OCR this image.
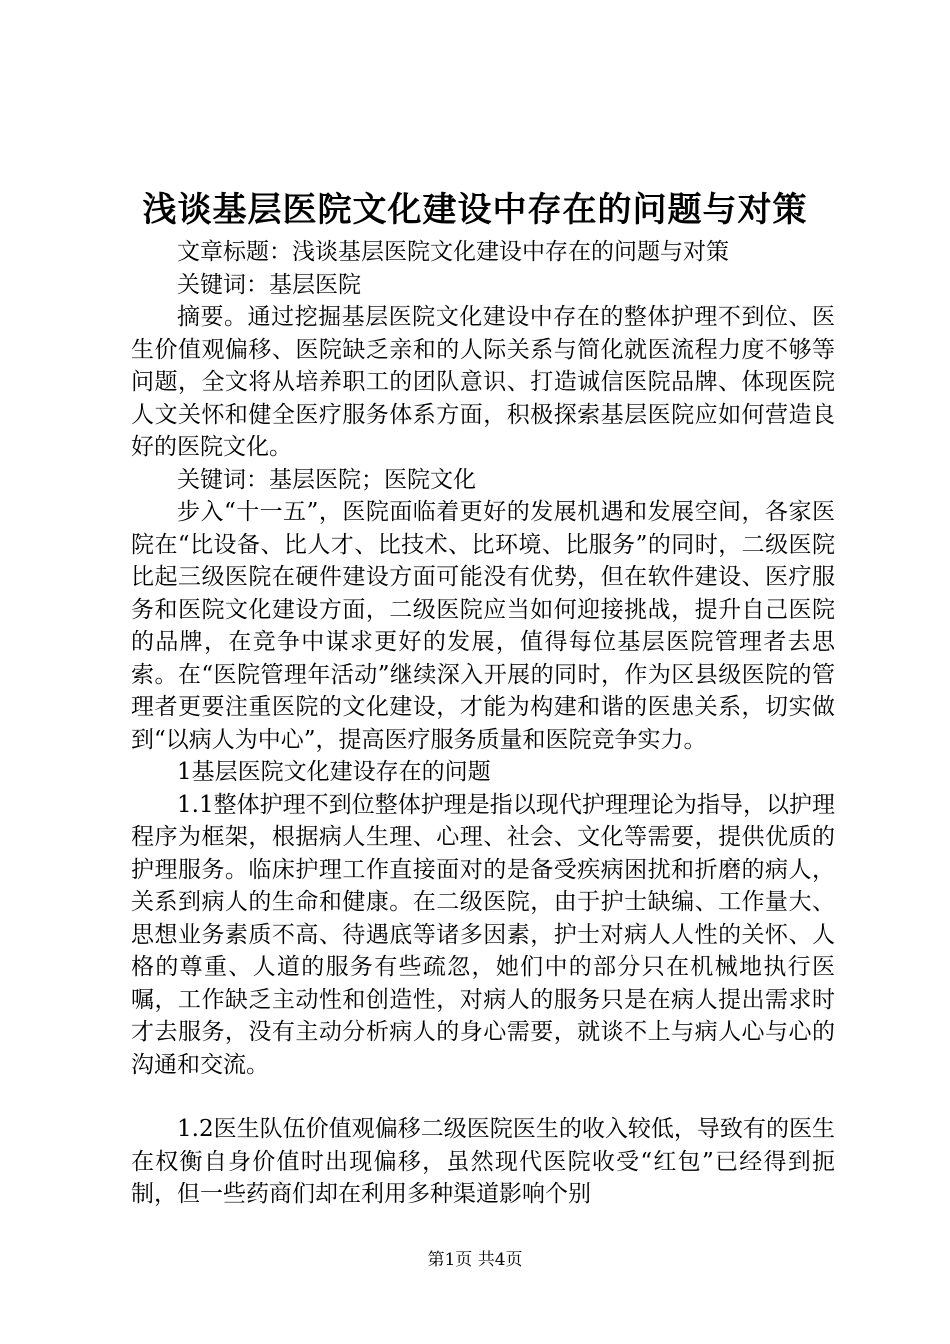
浅谈基层医院文化建设中存在的问题与对策

文章标题：浅谈基层医院文化建设中存在的问题与对策

关键词：基层医院

摘要。通过挖掘基层医院文化建设中存在的整体护理不到位、医生价值观偏移、医院缺乏亲和的人际关系与简化就医流程力度不够等问题，全文将从培养职工的团队意识、打造诚信医院品牌、体现医院人文关怀和健全医疗服务体系方面，积极探索基层医院应如何营造良好的医院文化。

关键词：基层医院；医院文化

步入“十一五”，医院面临着更好的发展机遇和发展空间，各家医院在“比设备、比人才、比技术、比环境、比服务”的同时，二级医院比起三级医院在硬件建设方面可能没有优势，但在软件建设、医疗服务和医院文化建设方面，二级医院应当如何迎接挑战，提升自己医院的品牌，在竞争中谋求更好的发展，值得每位基层医院管理者去思索。在“医院管理年活动”继续深入开展的同时，作为区县级医院的管理者更要注重医院的文化建设，才能为构建和谐的医患关系，切实做到“以病人为中心”，提高医疗服务质量和医院竞争实力。

1基层医院文化建设存在的问题

1.1整体护理不到位整体护理是指以现代护理理论为指导，以护理程序为框架，根据病人生理、心理、社会、文化等需要，提供优质的护理服务。临床护理工作直接面对的是备受疾病困扰和折磨的病人，关系到病人的生命和健康。在二级医院，由于护士缺编、工作量大、思想业务素质不高、待遇底等诸多因素，护士对病人人性的关怀、人格的尊重、人道的服务有些疏忽，她们中的部分只在机械地执行医嘱，工作缺乏主动性和创造性，对病人的服务只是在病人提出需求时才去服务，没有主动分析病人的身心需要，就谈不上与病人心与心的沟通和交流。

1.2医生队伍价值观偏移二级医院医生的收入较低，导致有的医生在权衡自身价值时出现偏移，虽然现代医院收受“红包”已经得到扼制，但一些药商们却在利用多种渠道影响个别

第1页 共4页
